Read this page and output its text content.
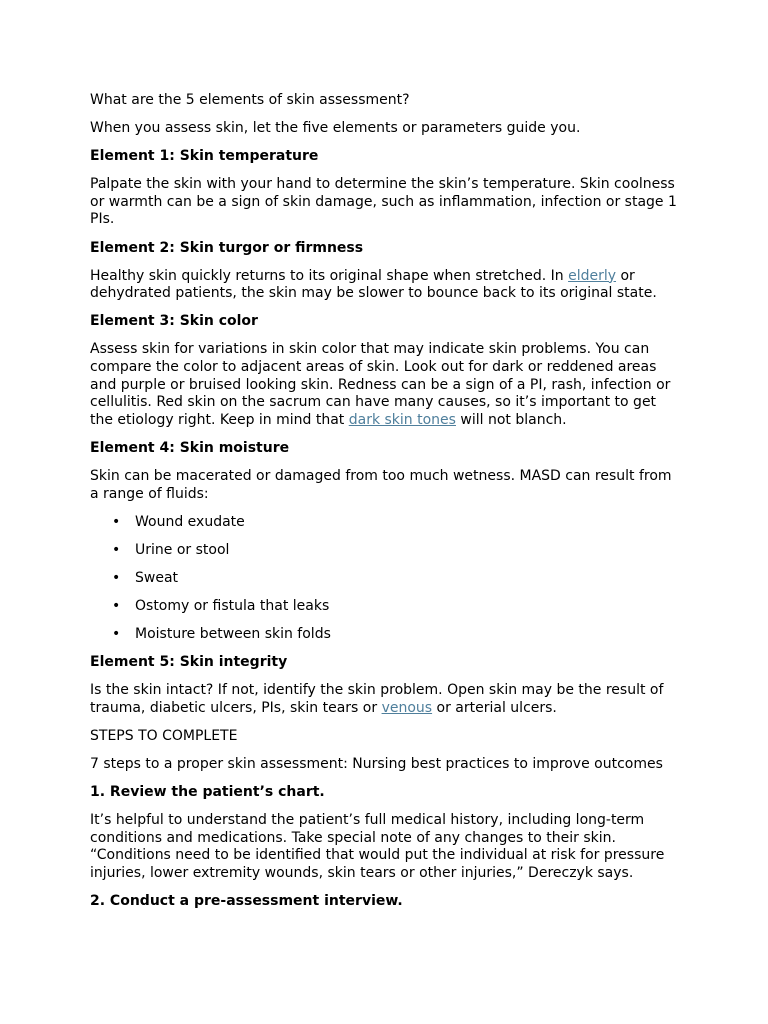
What are the 5 elements of skin assessment?

When you assess skin, let the five elements or parameters guide you.

Element 1: Skin temperature

Palpate the skin with your hand to determine the skin’s temperature. Skin coolness or warmth can be a sign of skin damage, such as inflammation, infection or stage 1 PIs.

Element 2: Skin turgor or firmness

Healthy skin quickly returns to its original shape when stretched. In elderly or dehydrated patients, the skin may be slower to bounce back to its original state.

Element 3: Skin color

Assess skin for variations in skin color that may indicate skin problems. You can compare the color to adjacent areas of skin. Look out for dark or reddened areas and purple or bruised looking skin. Redness can be a sign of a PI, rash, infection or cellulitis. Red skin on the sacrum can have many causes, so it’s important to get the etiology right. Keep in mind that dark skin tones will not blanch.

Element 4: Skin moisture

Skin can be macerated or damaged from too much wetness. MASD can result from a range of fluids:

• Wound exudate
• Urine or stool
• Sweat
• Ostomy or fistula that leaks
• Moisture between skin folds

Element 5: Skin integrity

Is the skin intact? If not, identify the skin problem. Open skin may be the result of trauma, diabetic ulcers, PIs, skin tears or venous or arterial ulcers.

STEPS TO COMPLETE

7 steps to a proper skin assessment: Nursing best practices to improve outcomes

1. Review the patient’s chart.

It’s helpful to understand the patient’s full medical history, including long-term conditions and medications. Take special note of any changes to their skin. “Conditions need to be identified that would put the individual at risk for pressure injuries, lower extremity wounds, skin tears or other injuries,” Dereczyk says.

2. Conduct a pre-assessment interview.
